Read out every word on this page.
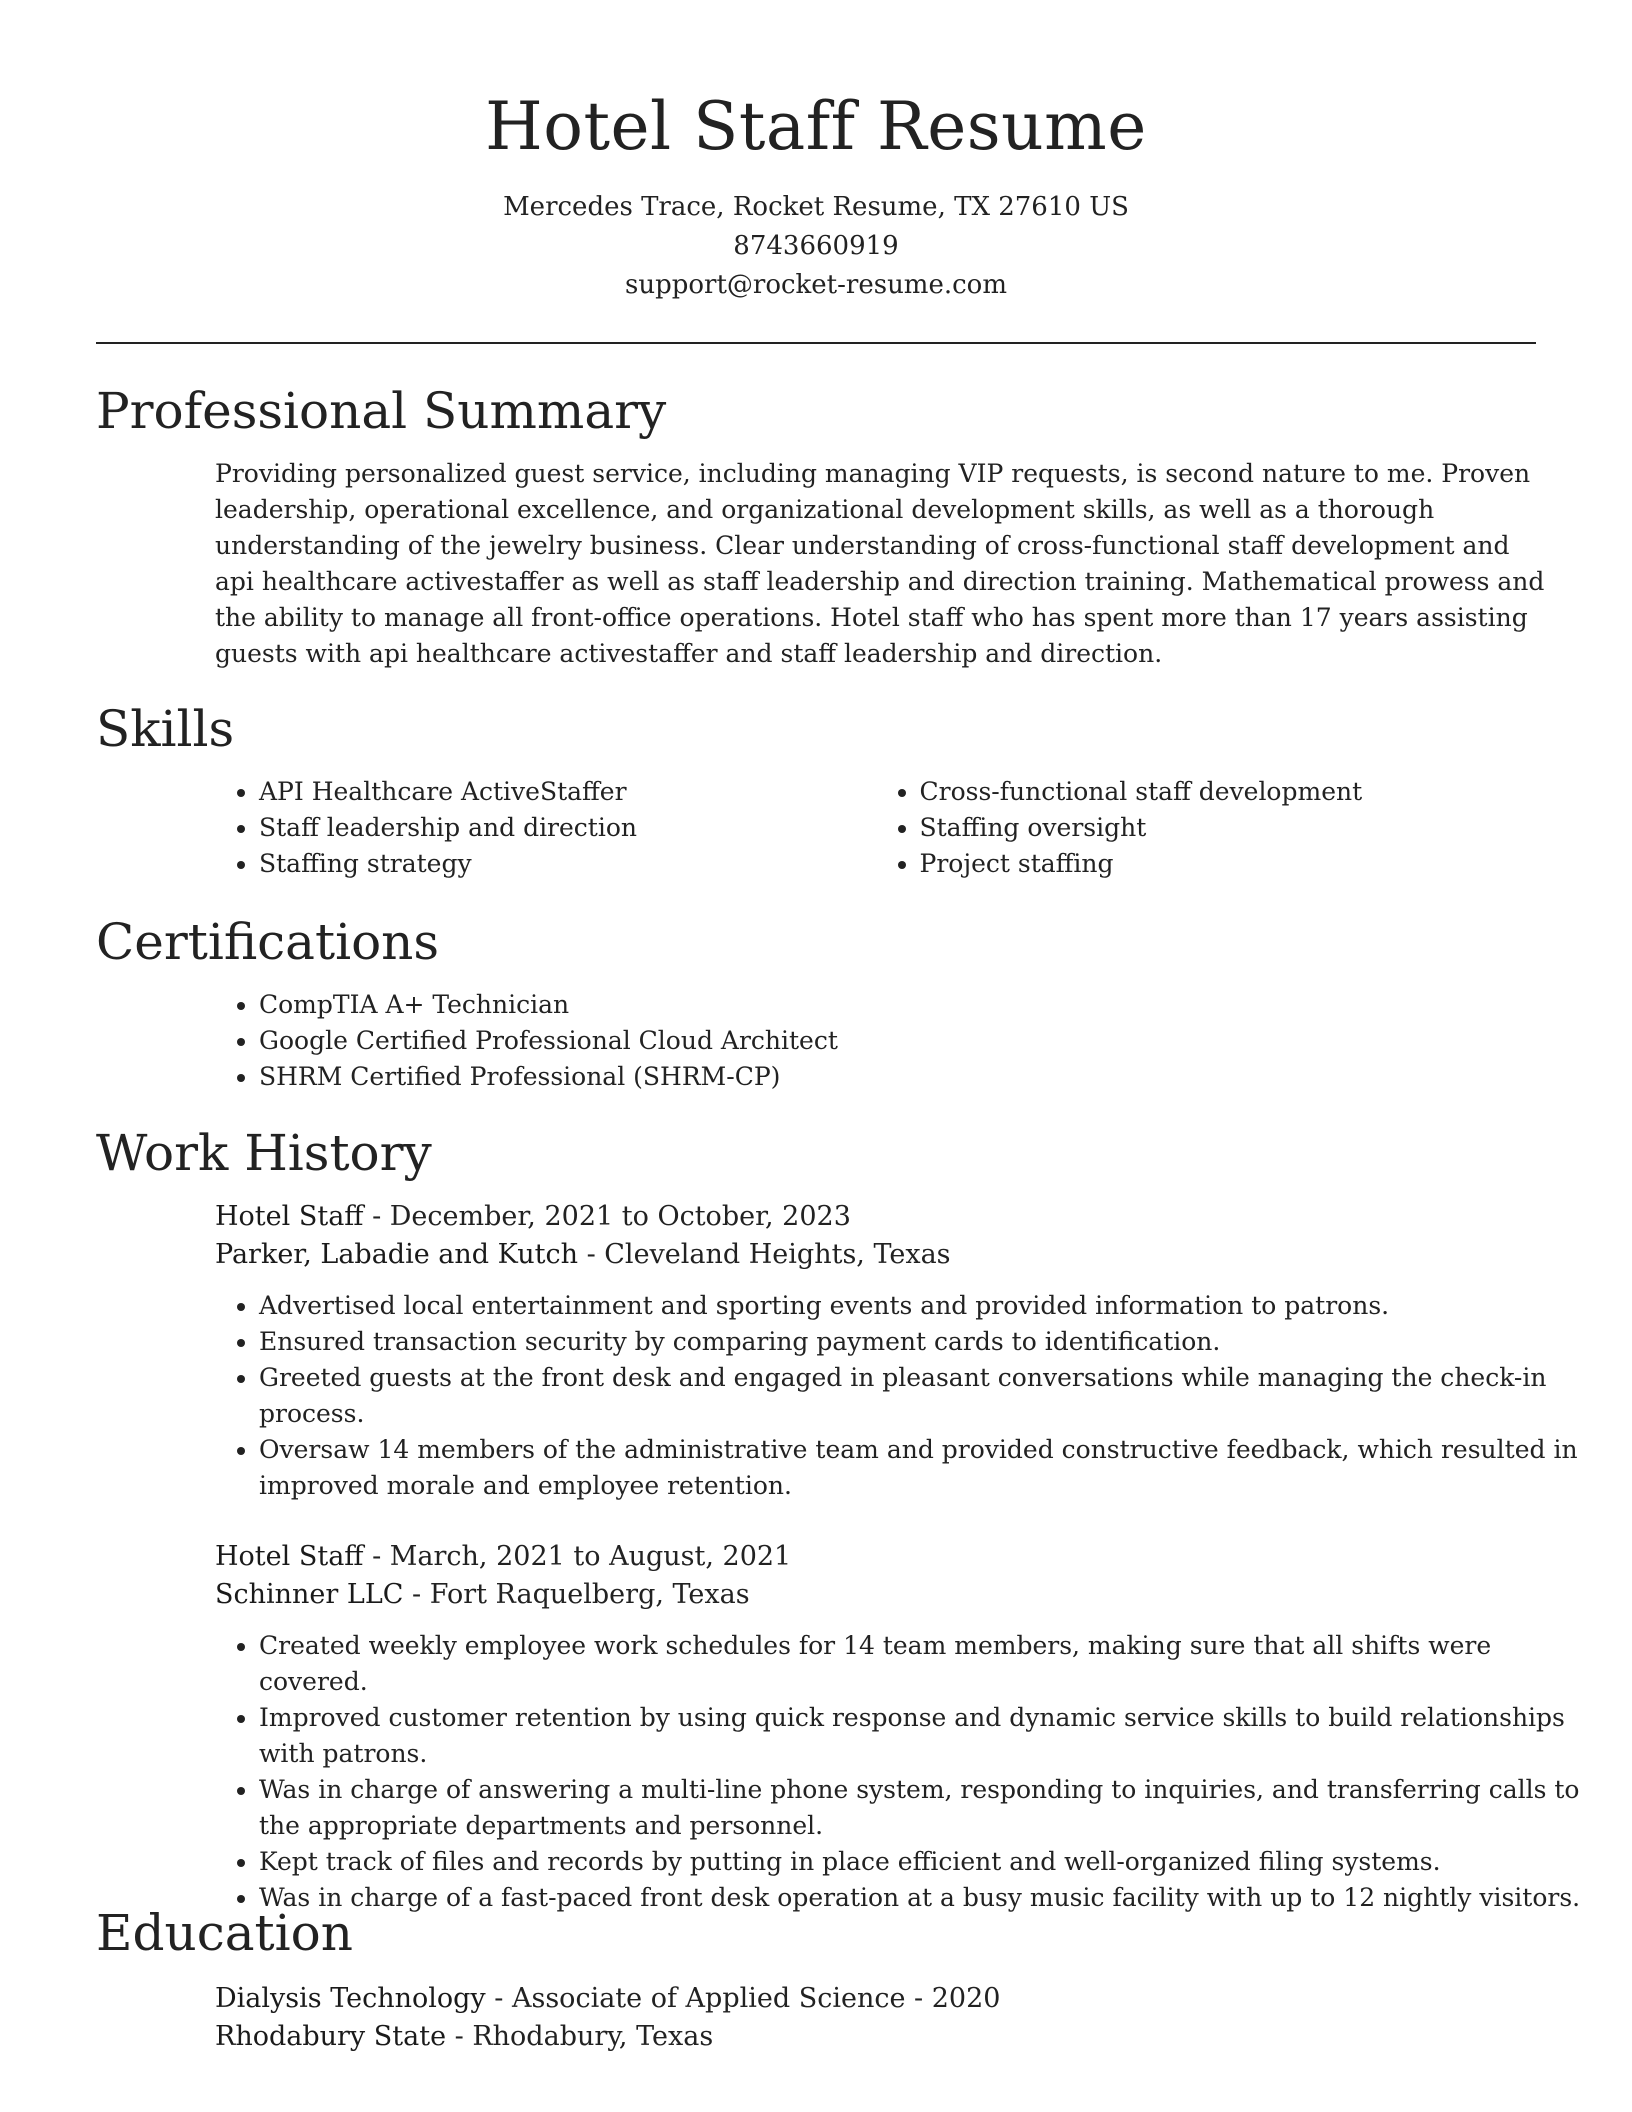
Hotel Staff Resume
Mercedes Trace, Rocket Resume, TX 27610 US
8743660919
support@rocket-resume.com
Professional Summary

Providing personalized guest service, including managing VIP requests, is second nature to me. Proven leadership, operational excellence, and organizational development skills, as well as a thorough understanding of the jewelry business. Clear understanding of cross-functional staff development and api healthcare activestaffer as well as staff leadership and direction training. Mathematical prowess and the ability to manage all front-office operations. Hotel staff who has spent more than 17 years assisting guests with api healthcare activestaffer and staff leadership and direction.

Skills
• API Healthcare ActiveStaffer
• Staff leadership and direction
• Staffing strategy
• Cross-functional staff development
• Staffing oversight
• Project staffing
Certifications
• CompTIA A+ Technician
• Google Certified Professional Cloud Architect
• SHRM Certified Professional (SHRM-CP)
Work History
Hotel Staff - December, 2021 to October, 2023
Parker, Labadie and Kutch - Cleveland Heights, Texas
• Advertised local entertainment and sporting events and provided information to patrons.
• Ensured transaction security by comparing payment cards to identification.
• Greeted guests at the front desk and engaged in pleasant conversations while managing the check-in process.
• Oversaw 14 members of the administrative team and provided constructive feedback, which resulted in improved morale and employee retention.
Hotel Staff - March, 2021 to August, 2021
Schinner LLC - Fort Raquelberg, Texas
• Created weekly employee work schedules for 14 team members, making sure that all shifts were covered.
• Improved customer retention by using quick response and dynamic service skills to build relationships with patrons.
• Was in charge of answering a multi-line phone system, responding to inquiries, and transferring calls to the appropriate departments and personnel.
• Kept track of files and records by putting in place efficient and well-organized filing systems.
• Was in charge of a fast-paced front desk operation at a busy music facility with up to 12 nightly visitors.
Education
Dialysis Technology - Associate of Applied Science - 2020
Rhodabury State - Rhodabury, Texas
